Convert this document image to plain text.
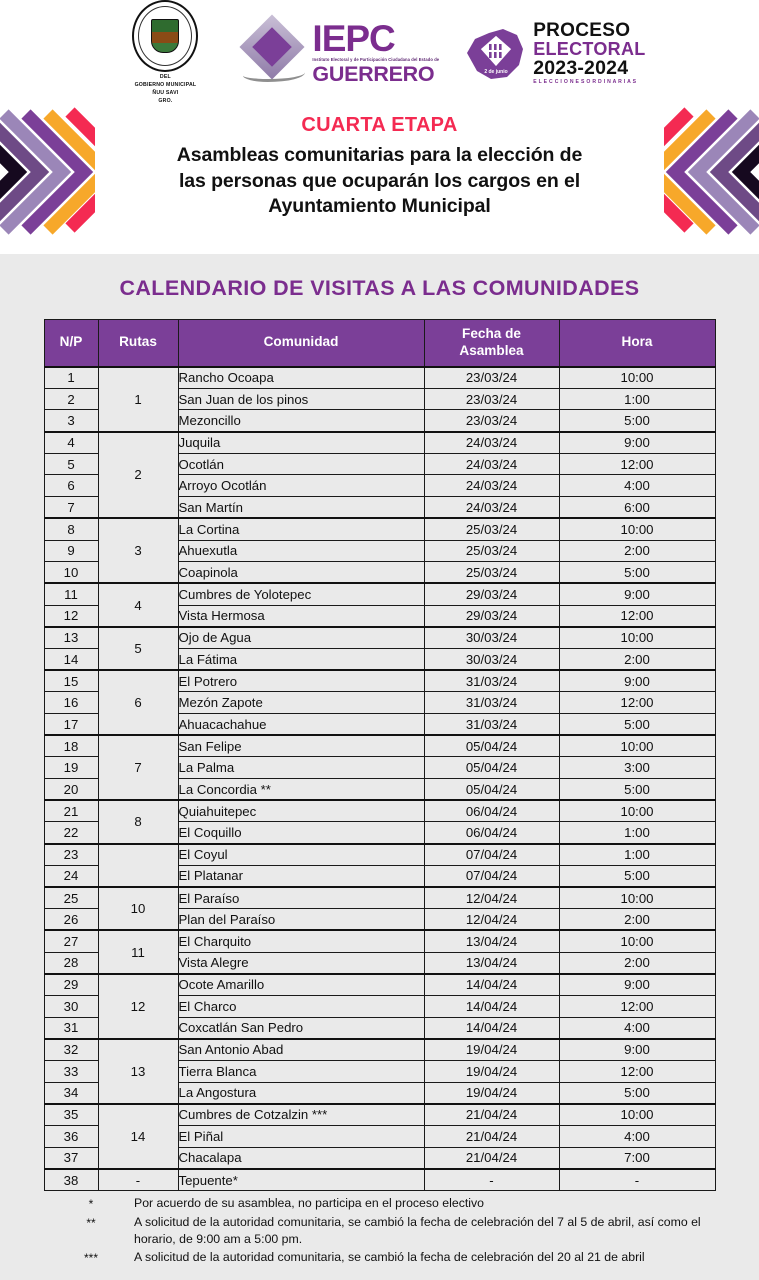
DEL
GOBIERNO MUNICIPAL
ÑUU SAVI
GRO.
IEPC
Instituto Electoral y de Participación Ciudadana del Estado de
GUERRERO	2 de junio
PROCESO
ELECTORAL
2023-2024
E L E C C I O N E S O R D I N A R I A S
CUARTA ETAPA
Asambleas comunitarias para la elección de
las personas que ocuparán los cargos en el
Ayuntamiento Municipal
CALENDARIO DE VISITAS A LAS COMUNIDADES
N/P	Rutas	Comunidad	Fecha de
Asamblea	Hora
1	1	Rancho Ocoapa	23/03/24	10:00
2		San Juan de los pinos	23/03/24	1:00
3		Mezoncillo	23/03/24	5:00
4	2	Juquila	24/03/24	9:00
5		Ocotlán	24/03/24	12:00
6		Arroyo Ocotlán	24/03/24	4:00
7		San Martín	24/03/24	6:00
8	3	La Cortina	25/03/24	10:00
9		Ahuexutla	25/03/24	2:00
10		Coapinola	25/03/24	5:00
11	4	Cumbres de Yolotepec	29/03/24	9:00
12		Vista Hermosa	29/03/24	12:00
13	5	Ojo de Agua	30/03/24	10:00
14		La Fátima	30/03/24	2:00
15	6	El Potrero	31/03/24	9:00
16		Mezón Zapote	31/03/24	12:00
17		Ahuacachahue	31/03/24	5:00
18	7	San Felipe	05/04/24	10:00
19		La Palma	05/04/24	3:00
20		La Concordia **	05/04/24	5:00
21	8	Quiahuitepec	06/04/24	10:00
22		El Coquillo	06/04/24	1:00
23		El Coyul	07/04/24	1:00
24		El Platanar	07/04/24	5:00
25	10	El Paraíso	12/04/24	10:00
26		Plan del Paraíso	12/04/24	2:00
27	11	El Charquito	13/04/24	10:00
28		Vista Alegre	13/04/24	2:00
29	12	Ocote Amarillo	14/04/24	9:00
30		El Charco	14/04/24	12:00
31		Coxcatlán San Pedro	14/04/24	4:00
32	13	San Antonio Abad	19/04/24	9:00
33		Tierra Blanca	19/04/24	12:00
34		La Angostura	19/04/24	5:00
35	14	Cumbres de Cotzalzin ***	21/04/24	10:00
36		El Piñal	21/04/24	4:00
37		Chacalapa	21/04/24	7:00
38	-	Tepuente*	-	-
*	Por acuerdo de su asamblea, no participa en el proceso electivo
**	A solicitud de la autoridad comunitaria, se cambió la fecha de celebración del 7 al 5 de abril, así como el horario, de 9:00 am a 5:00 pm.
***	A solicitud de la autoridad comunitaria, se cambió la fecha de celebración del 20 al 21 de abril
